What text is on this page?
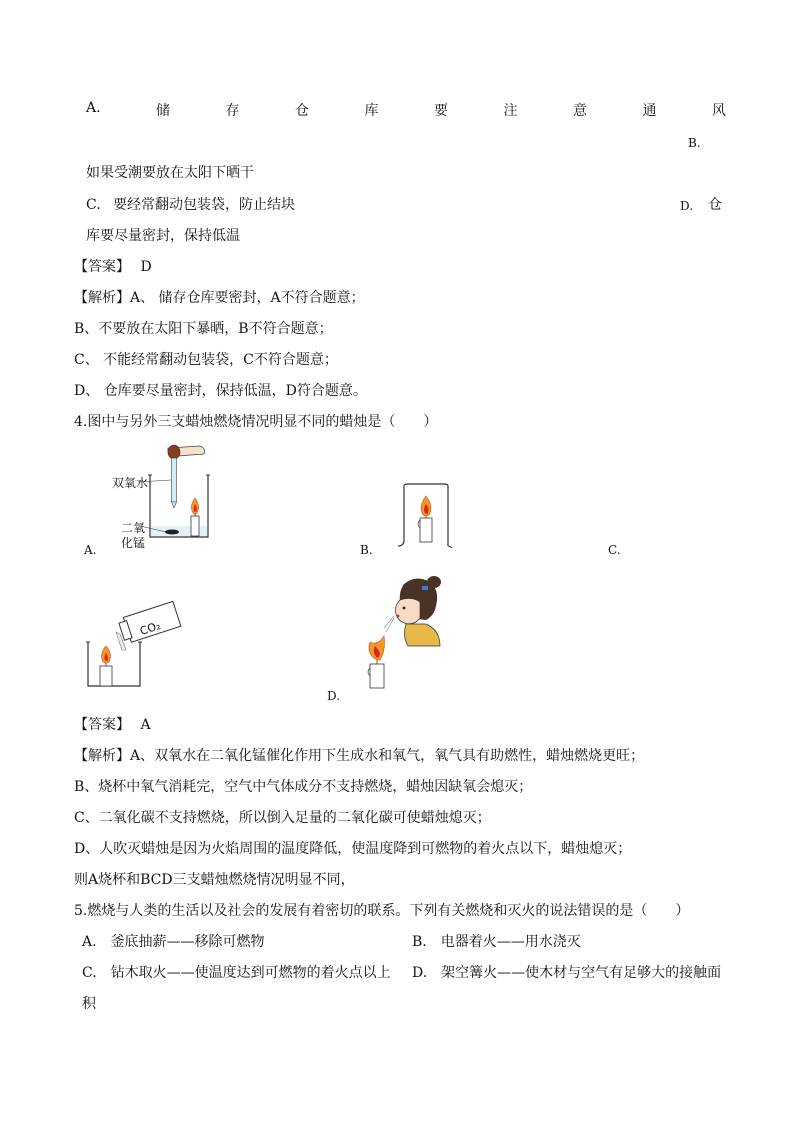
A.	储	存	仓	库	要	注	意	通	风
B.
如果受潮要放在太阳下晒干
C. 要经常翻动包装袋，防止结块	D. 仓
库要尽量密封，保持低温
【答案】 D
【解析】A、 储存仓库要密封，A不符合题意；
B、不要放在太阳下暴晒，B不符合题意；
C、 不能经常翻动包装袋，C不符合题意；
D、 仓库要尽量密封，保持低温，D符合题意。
4.图中与另外三支蜡烛燃烧情况明显不同的蜡烛是（　　）
双氧水
二氧
化锰
A.	B.	C.
CO₂
D.
【答案】 A
【解析】A、双氧水在二氧化锰催化作用下生成水和氧气，氧气具有助燃性，蜡烛燃烧更旺；
B、烧杯中氧气消耗完，空气中气体成分不支持燃烧，蜡烛因缺氧会熄灭；
C、二氧化碳不支持燃烧，所以倒入足量的二氧化碳可使蜡烛熄灭；
D、人吹灭蜡烛是因为火焰周围的温度降低，使温度降到可燃物的着火点以下，蜡烛熄灭；
则A烧杯和BCD三支蜡烛燃烧情况明显不同，
5.燃烧与人类的生活以及社会的发展有着密切的联系。下列有关燃烧和灭火的说法错误的是（　　）
A.　釜底抽薪——移除可燃物	B.　电器着火——用水浇灭
C.　钻木取火——使温度达到可燃物的着火点以上 D.　架空篝火——使木材与空气有足够大的接触面
积
